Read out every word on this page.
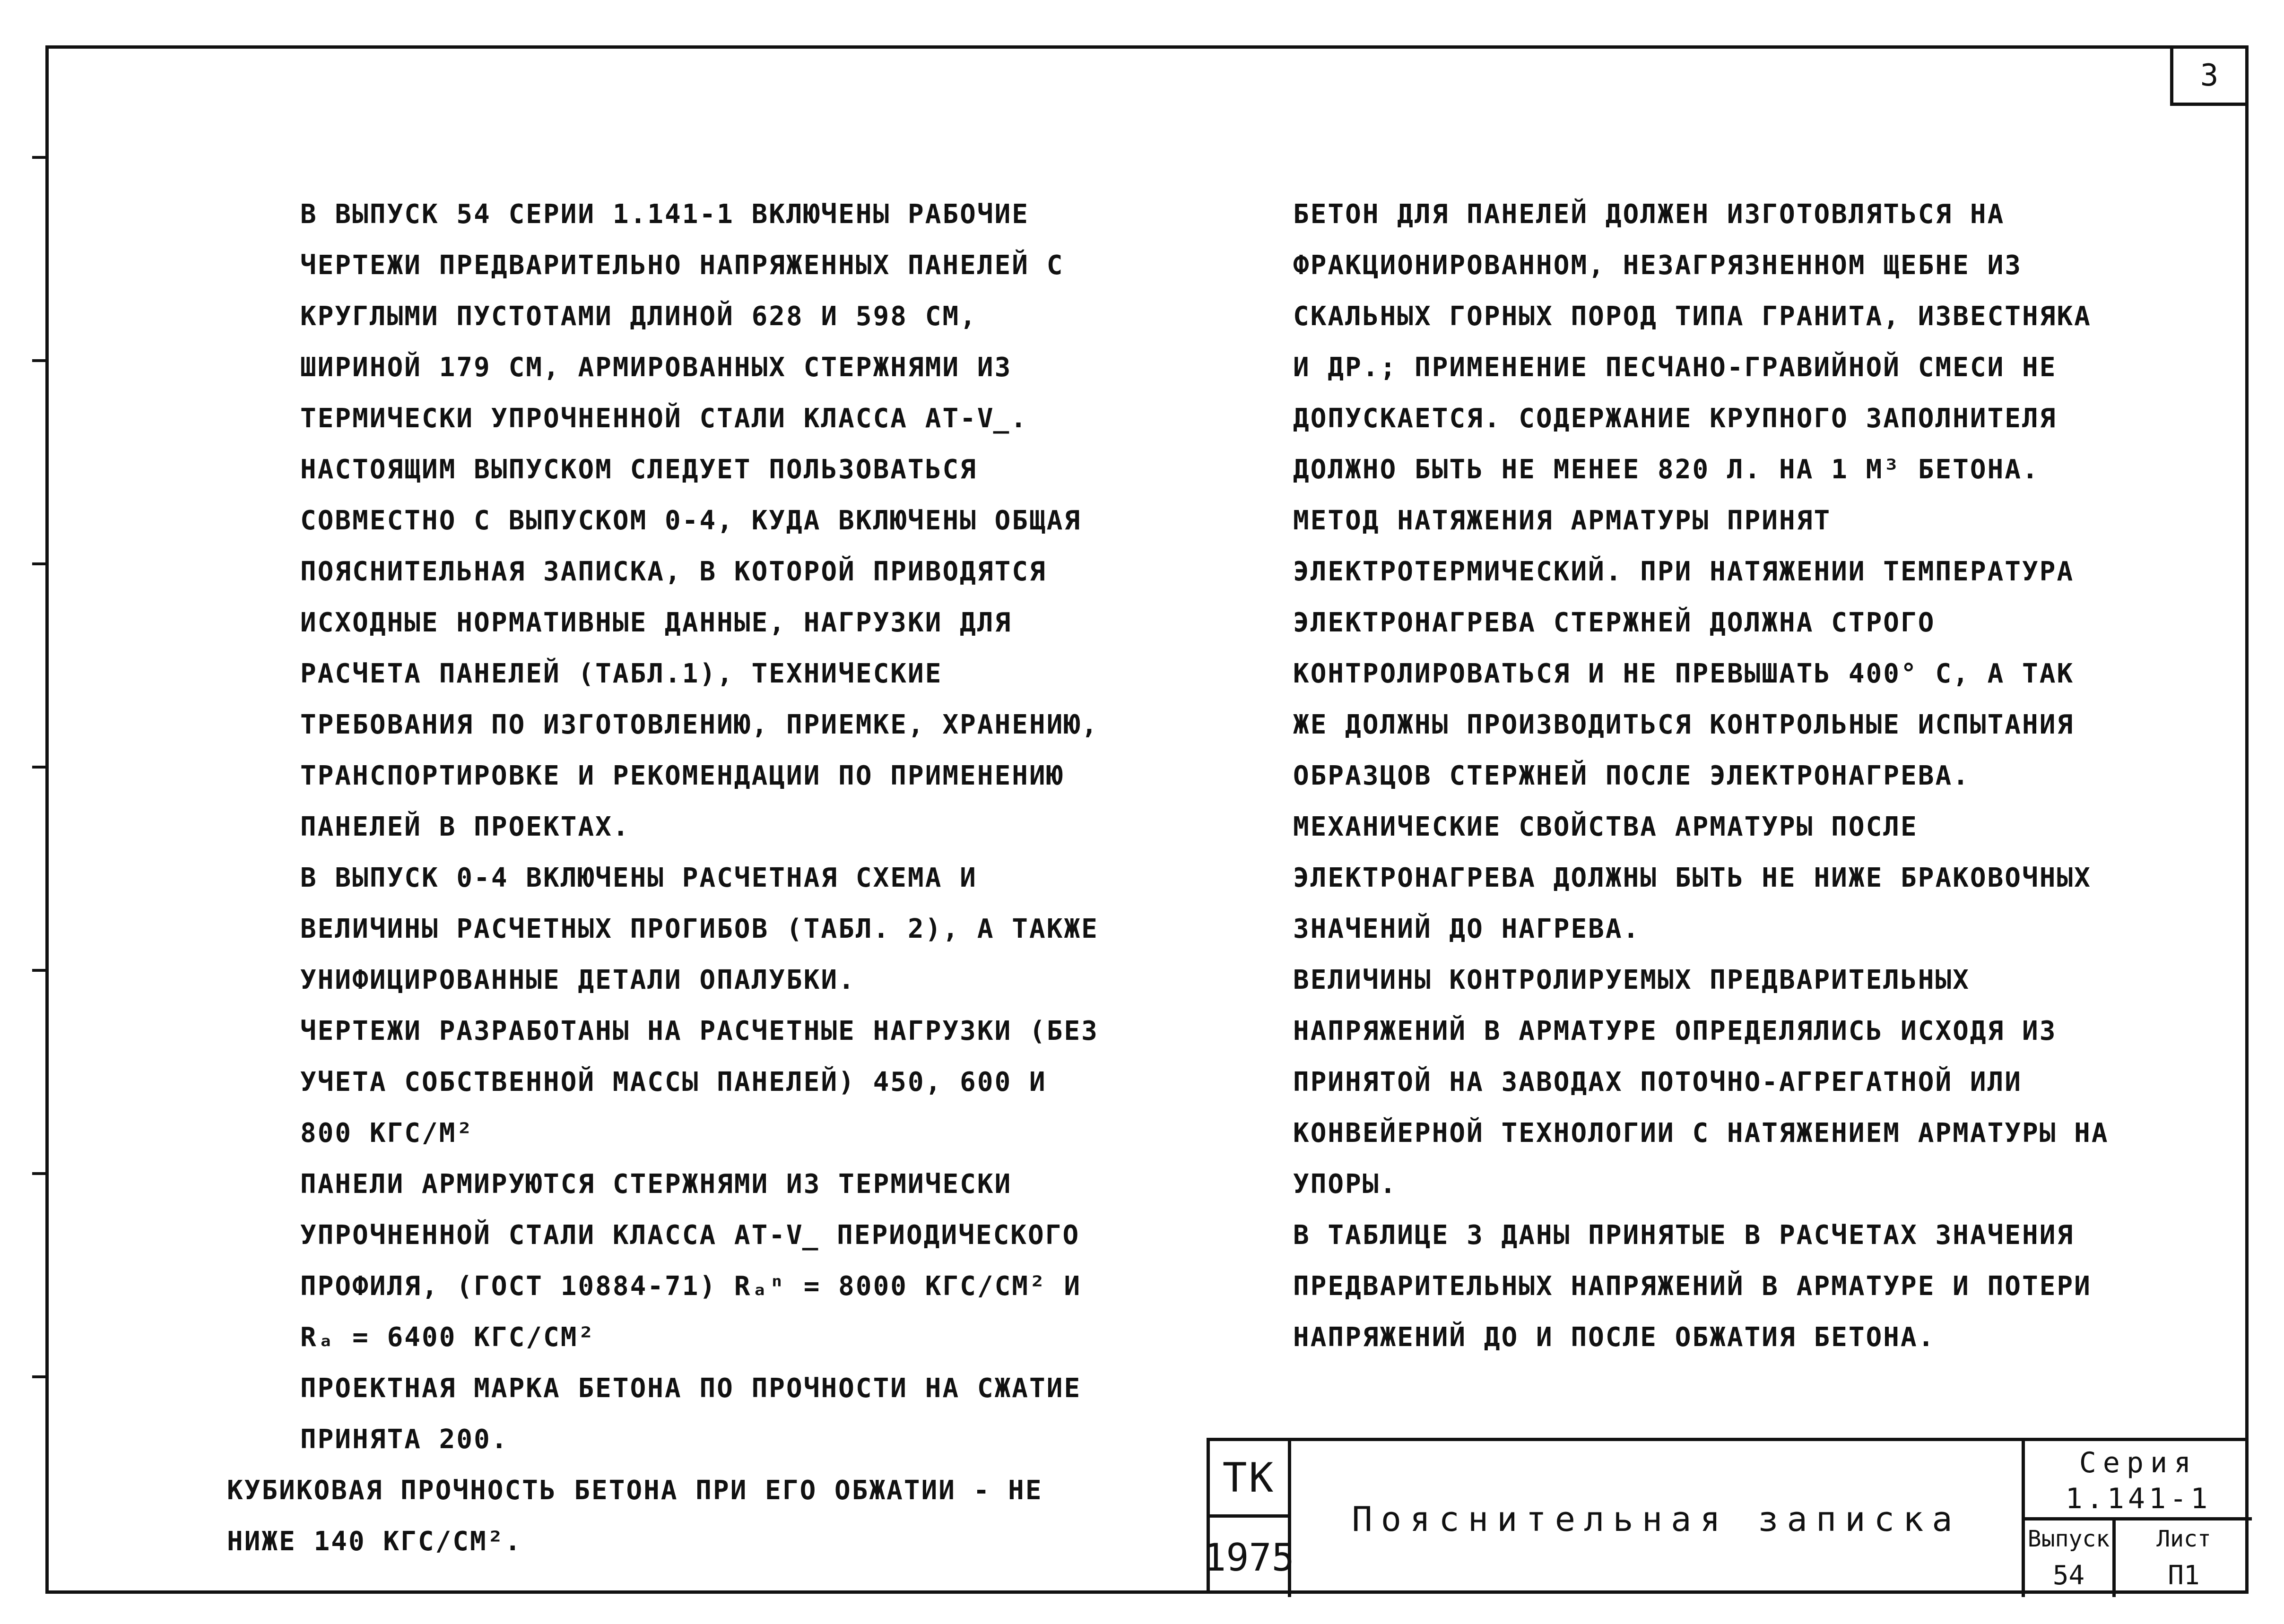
3

В ВЫПУСК 54 СЕРИИ 1.141-1 ВКЛЮЧЕНЫ РАБОЧИЕ ЧЕРТЕЖИ ПРЕДВАРИТЕЛЬНО НАПРЯЖЕННЫХ ПАНЕЛЕЙ С КРУГЛЫМИ ПУСТОТАМИ ДЛИНОЙ 628 И 598 СМ, ШИРИНОЙ 179 СМ, АРМИРОВАННЫХ СТЕРЖНЯМИ ИЗ ТЕРМИЧЕСКИ УПРОЧНЕННОЙ СТАЛИ КЛАССА АТ-V̲.

НАСТОЯЩИМ ВЫПУСКОМ СЛЕДУЕТ ПОЛЬЗОВАТЬСЯ СОВМЕСТНО С ВЫПУСКОМ 0-4, КУДА ВКЛЮЧЕНЫ ОБЩАЯ ПОЯСНИТЕЛЬНАЯ ЗАПИСКА, В КОТОРОЙ ПРИВОДЯТСЯ ИСХОДНЫЕ НОРМАТИВНЫЕ ДАННЫЕ, НАГРУЗКИ ДЛЯ РАСЧЕТА ПАНЕЛЕЙ (ТАБЛ.1), ТЕХНИЧЕСКИЕ ТРЕБОВАНИЯ ПО ИЗГОТОВЛЕНИЮ, ПРИЕМКЕ, ХРАНЕНИЮ, ТРАНСПОРТИРОВКЕ И РЕКОМЕНДАЦИИ ПО ПРИМЕНЕНИЮ ПАНЕЛЕЙ В ПРОЕКТАХ.

В ВЫПУСК 0-4 ВКЛЮЧЕНЫ РАСЧЕТНАЯ СХЕМА И ВЕЛИЧИНЫ РАСЧЕТНЫХ ПРОГИБОВ (ТАБЛ. 2), А ТАКЖЕ УНИФИЦИРОВАННЫЕ ДЕТАЛИ ОПАЛУБКИ.

ЧЕРТЕЖИ РАЗРАБОТАНЫ НА РАСЧЕТНЫЕ НАГРУЗКИ (БЕЗ УЧЕТА СОБСТВЕННОЙ МАССЫ ПАНЕЛЕЙ) 450, 600 И 800 КГС/М²

ПАНЕЛИ АРМИРУЮТСЯ СТЕРЖНЯМИ ИЗ ТЕРМИЧЕСКИ УПРОЧНЕННОЙ СТАЛИ КЛАССА АТ-V̲ ПЕРИОДИЧЕСКОГО ПРОФИЛЯ, (ГОСТ 10884-71) Rₐⁿ = 8000 КГС/СМ² И Rₐ = 6400 КГС/СМ²

ПРОЕКТНАЯ МАРКА БЕТОНА ПО ПРОЧНОСТИ НА СЖАТИЕ ПРИНЯТА 200.

КУБИКОВАЯ ПРОЧНОСТЬ БЕТОНА ПРИ ЕГО ОБЖАТИИ - НЕ НИЖЕ 140 КГС/СМ².

БЕТОН ДЛЯ ПАНЕЛЕЙ ДОЛЖЕН ИЗГОТОВЛЯТЬСЯ НА ФРАКЦИОНИРОВАННОМ, НЕЗАГРЯЗНЕННОМ ЩЕБНЕ ИЗ СКАЛЬНЫХ ГОРНЫХ ПОРОД ТИПА ГРАНИТА, ИЗВЕСТНЯКА И ДР.; ПРИМЕНЕНИЕ ПЕСЧАНО-ГРАВИЙНОЙ СМЕСИ НЕ ДОПУСКАЕТСЯ. СОДЕРЖАНИЕ КРУПНОГО ЗАПОЛНИТЕЛЯ ДОЛЖНО БЫТЬ НЕ МЕНЕЕ 820 Л. НА 1 М³ БЕТОНА.

МЕТОД НАТЯЖЕНИЯ АРМАТУРЫ ПРИНЯТ ЭЛЕКТРОТЕРМИЧЕСКИЙ. ПРИ НАТЯЖЕНИИ ТЕМПЕРАТУРА ЭЛЕКТРОНАГРЕВА СТЕРЖНЕЙ ДОЛЖНА СТРОГО КОНТРОЛИРОВАТЬСЯ И НЕ ПРЕВЫШАТЬ 400° С, А ТАК ЖЕ ДОЛЖНЫ ПРОИЗВОДИТЬСЯ КОНТРОЛЬНЫЕ ИСПЫТАНИЯ ОБРАЗЦОВ СТЕРЖНЕЙ ПОСЛЕ ЭЛЕКТРОНАГРЕВА. МЕХАНИЧЕСКИЕ СВОЙСТВА АРМАТУРЫ ПОСЛЕ ЭЛЕКТРОНАГРЕВА ДОЛЖНЫ БЫТЬ НЕ НИЖЕ БРАКОВОЧНЫХ ЗНАЧЕНИЙ ДО НАГРЕВА.

ВЕЛИЧИНЫ КОНТРОЛИРУЕМЫХ ПРЕДВАРИТЕЛЬНЫХ НАПРЯЖЕНИЙ В АРМАТУРЕ ОПРЕДЕЛЯЛИСЬ ИСХОДЯ ИЗ ПРИНЯТОЙ НА ЗАВОДАХ ПОТОЧНО-АГРЕГАТНОЙ ИЛИ КОНВЕЙЕРНОЙ ТЕХНОЛОГИИ С НАТЯЖЕНИЕМ АРМАТУРЫ НА УПОРЫ.

В ТАБЛИЦЕ 3 ДАНЫ ПРИНЯТЫЕ В РАСЧЕТАХ ЗНАЧЕНИЯ ПРЕДВАРИТЕЛЬНЫХ НАПРЯЖЕНИЙ В АРМАТУРЕ И ПОТЕРИ НАПРЯЖЕНИЙ ДО И ПОСЛЕ ОБЖАТИЯ БЕТОНА.

ТК
1975
Пояснительная записка
Серия
1.141-1
Выпуск
54
Лист
П1
